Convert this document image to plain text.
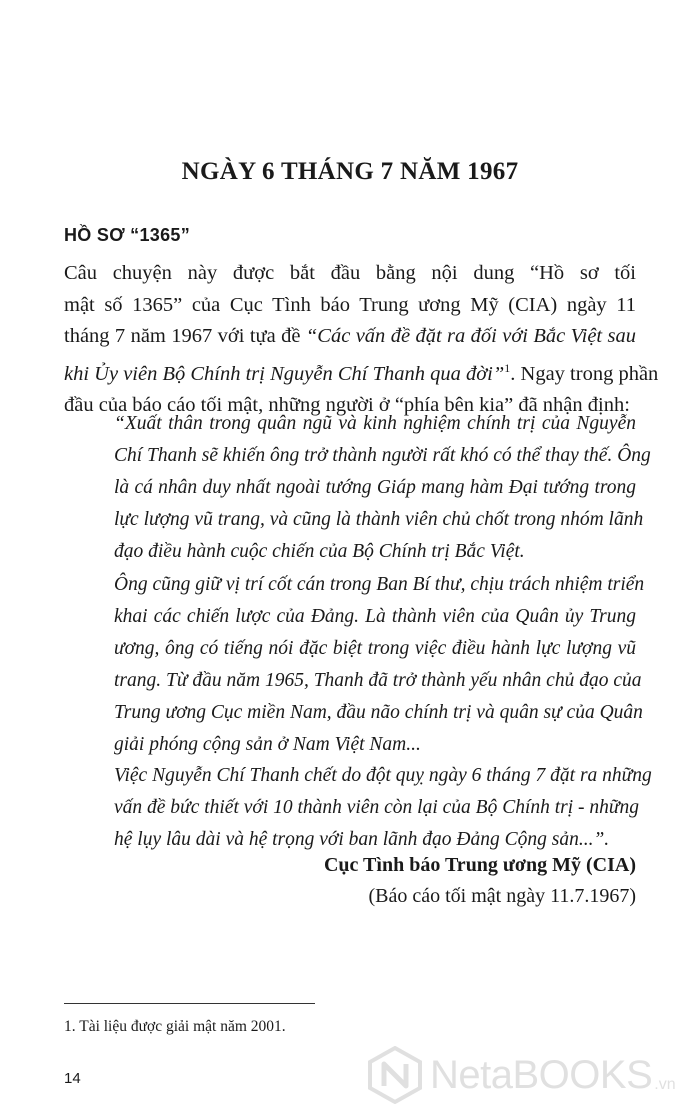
NGÀY 6 THÁNG 7 NĂM 1967
HỒ SƠ “1365”

Câu chuyện này được bắt đầu bằng nội dung “Hồ sơ tối
mật số 1365” của Cục Tình báo Trung ương Mỹ (CIA) ngày 11
tháng 7 năm 1967 với tựa đề “Các vấn đề đặt ra đối với Bắc Việt sau
khi Ủy viên Bộ Chính trị Nguyễn Chí Thanh qua đời”$^1$. Ngay trong phần
đầu của báo cáo tối mật, những người ở “phía bên kia” đã nhận định:

“Xuất thân trong quân ngũ và kinh nghiệm chính trị của Nguyễn
Chí Thanh sẽ khiến ông trở thành người rất khó có thể thay thế. Ông
là cá nhân duy nhất ngoài tướng Giáp mang hàm Đại tướng trong
lực lượng vũ trang, và cũng là thành viên chủ chốt trong nhóm lãnh
đạo điều hành cuộc chiến của Bộ Chính trị Bắc Việt.

Ông cũng giữ vị trí cốt cán trong Ban Bí thư, chịu trách nhiệm triển
khai các chiến lược của Đảng. Là thành viên của Quân ủy Trung
ương, ông có tiếng nói đặc biệt trong việc điều hành lực lượng vũ
trang. Từ đầu năm 1965, Thanh đã trở thành yếu nhân chủ đạo của
Trung ương Cục miền Nam, đầu não chính trị và quân sự của Quân
giải phóng cộng sản ở Nam Việt Nam...

Việc Nguyễn Chí Thanh chết do đột quỵ ngày 6 tháng 7 đặt ra những
vấn đề bức thiết với 10 thành viên còn lại của Bộ Chính trị - những
hệ lụy lâu dài và hệ trọng với ban lãnh đạo Đảng Cộng sản...”.

Cục Tình báo Trung ương Mỹ (CIA)

(Báo cáo tối mật ngày 11.7.1967)

1. Tài liệu được giải mật năm 2001.

14	NetaBOOKS .vn
